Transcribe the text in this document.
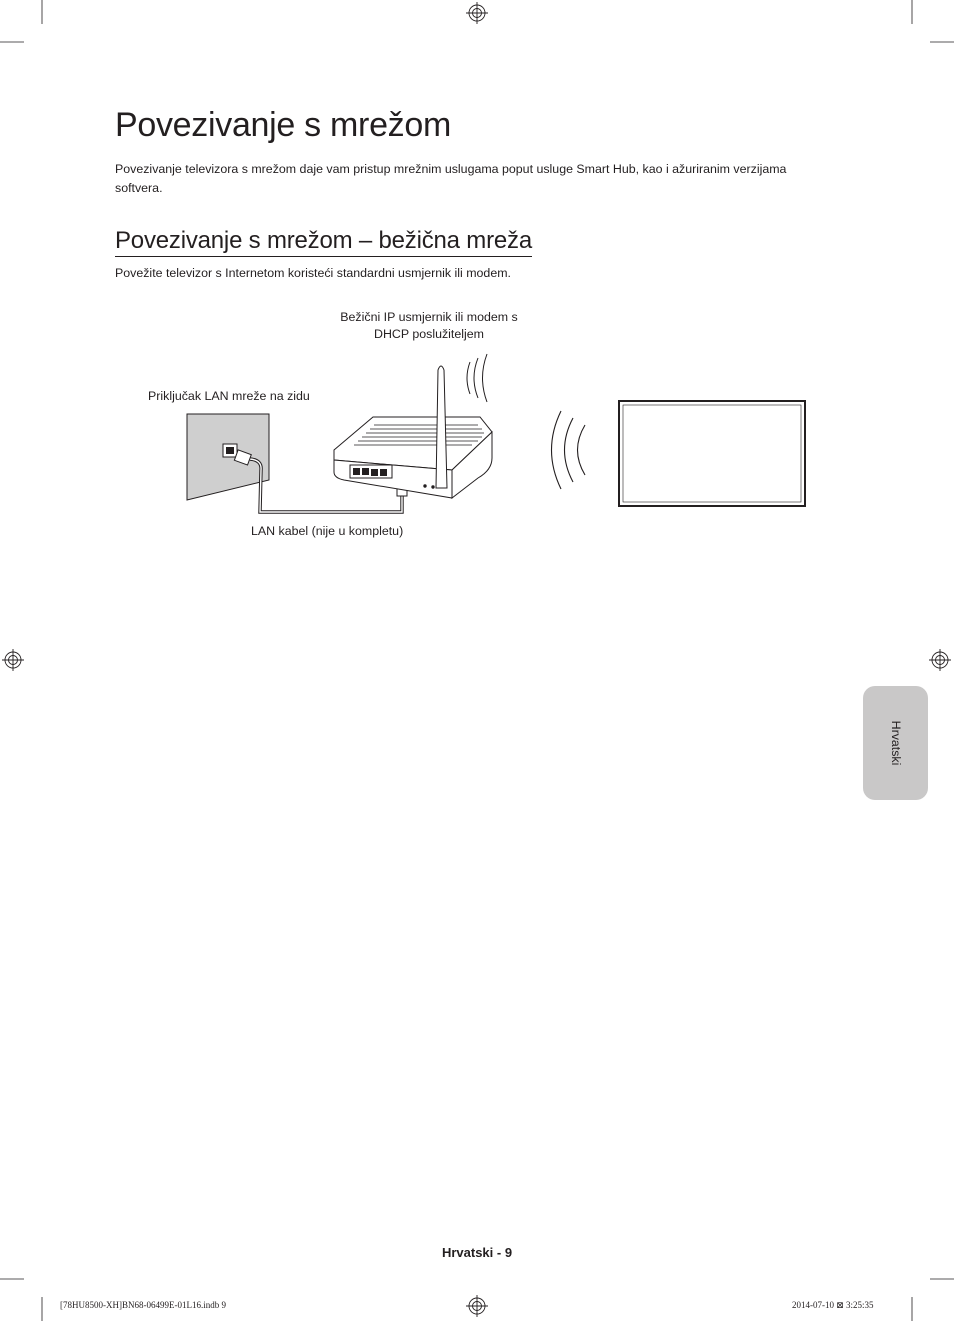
Povezivanje s mrežom

Povezivanje televizora s mrežom daje vam pristup mrežnim uslugama poput usluge Smart Hub, kao i ažuriranim verzijama softvera.

Povezivanje s mrežom – bežična mreža

Povežite televizor s Internetom koristeći standardni usmjernik ili modem.

Bežični IP usmjernik ili modem s
DHCP poslužiteljem
Priključak LAN mreže na zidu
LAN kabel (nije u kompletu)
Hrvatski
Hrvatski - 9
[78HU8500-XH]BN68-06499E-01L16.indb 9	2014-07-10 ⊠ 3:25:35
